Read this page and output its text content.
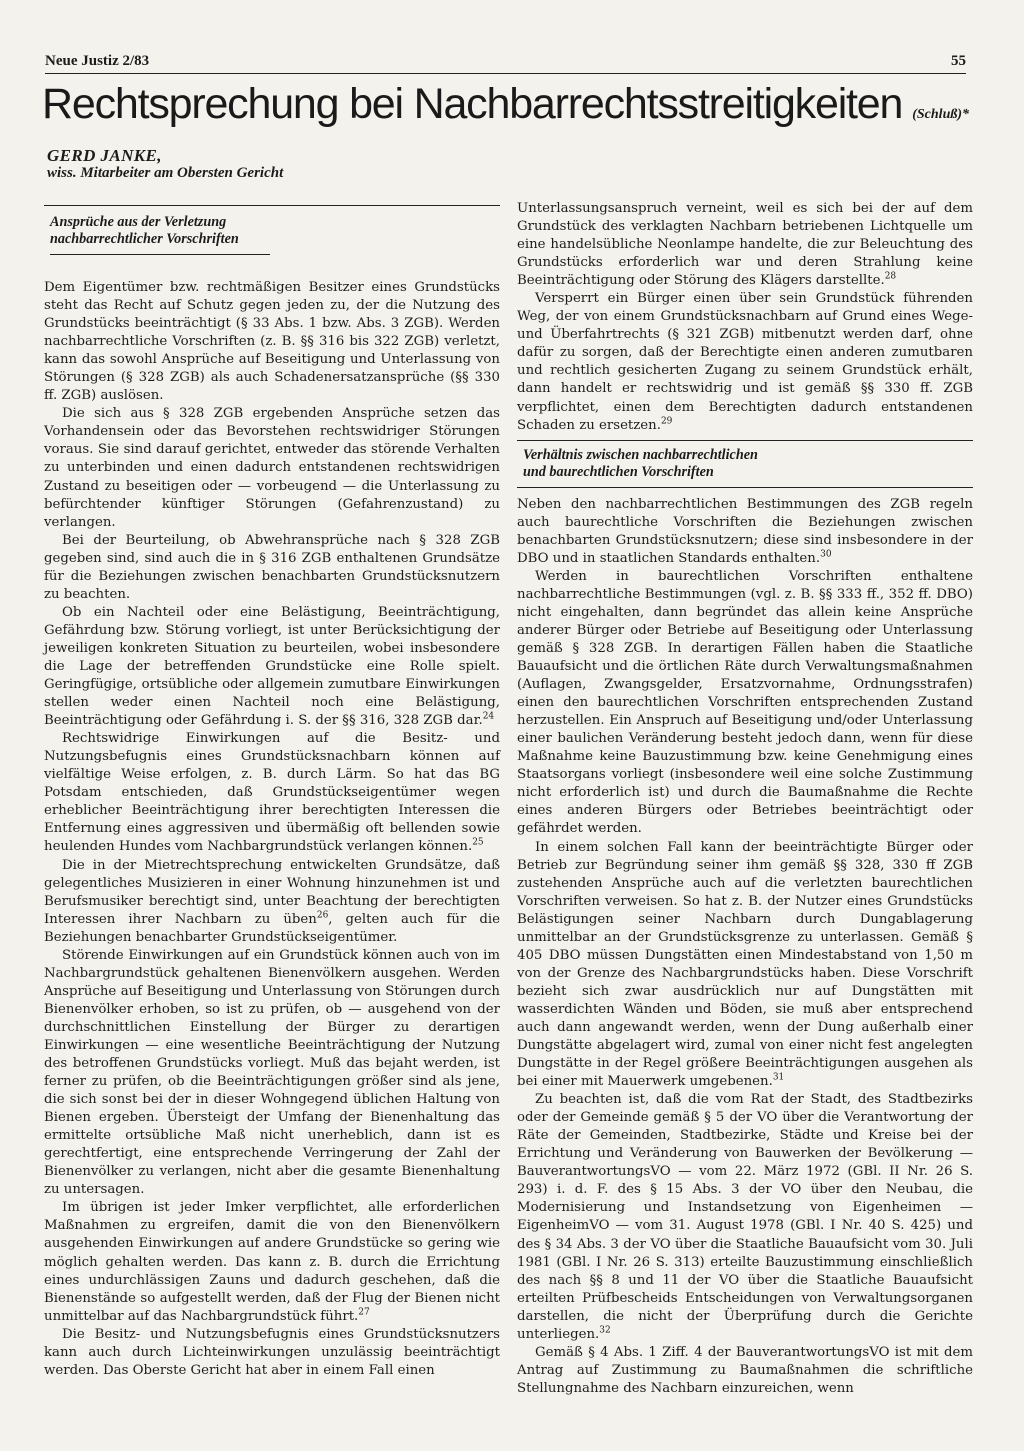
Neue Justiz 2/83	55
Rechtsprechung bei Nachbarrechtsstreitigkeiten (Schluß)*
GERD JANKE,
wiss. Mitarbeiter am Obersten Gericht
Ansprüche aus der Verletzung
nachbarrechtlicher Vorschriften

Dem Eigentümer bzw. rechtmäßigen Besitzer eines Grundstücks steht das Recht auf Schutz gegen jeden zu, der die Nutzung des Grundstücks beeinträchtigt (§ 33 Abs. 1 bzw. Abs. 3 ZGB). Werden nachbarrechtliche Vorschriften (z. B. §§ 316 bis 322 ZGB) verletzt, kann das sowohl Ansprüche auf Beseitigung und Unterlassung von Störungen (§ 328 ZGB) als auch Schadenersatzansprüche (§§ 330 ff. ZGB) auslösen.

Die sich aus § 328 ZGB ergebenden Ansprüche setzen das Vorhandensein oder das Bevorstehen rechtswidriger Störungen voraus. Sie sind darauf gerichtet, entweder das störende Verhalten zu unterbinden und einen dadurch entstandenen rechtswidrigen Zustand zu beseitigen oder — vorbeugend — die Unterlassung zu befürchtender künftiger Störungen (Gefahrenzustand) zu verlangen.

Bei der Beurteilung, ob Abwehransprüche nach § 328 ZGB gegeben sind, sind auch die in § 316 ZGB enthaltenen Grundsätze für die Beziehungen zwischen benachbarten Grundstücksnutzern zu beachten.

Ob ein Nachteil oder eine Belästigung, Beeinträchtigung, Gefährdung bzw. Störung vorliegt, ist unter Berücksichtigung der jeweiligen konkreten Situation zu beurteilen, wobei insbesondere die Lage der betreffenden Grundstücke eine Rolle spielt. Geringfügige, ortsübliche oder allgemein zumutbare Einwirkungen stellen weder einen Nachteil noch eine Belästigung, Beeinträchtigung oder Gefährdung i. S. der §§ 316, 328 ZGB dar.$^{24}$

Rechtswidrige Einwirkungen auf die Besitz- und Nutzungsbefugnis eines Grundstücksnachbarn können auf vielfältige Weise erfolgen, z. B. durch Lärm. So hat das BG Potsdam entschieden, daß Grundstückseigentümer wegen erheblicher Beeinträchtigung ihrer berechtigten Interessen die Entfernung eines aggressiven und übermäßig oft bellenden sowie heulenden Hundes vom Nachbargrundstück verlangen können.$^{25}$

Die in der Mietrechtsprechung entwickelten Grundsätze, daß gelegentliches Musizieren in einer Wohnung hinzunehmen ist und Berufsmusiker berechtigt sind, unter Beachtung der berechtigten Interessen ihrer Nachbarn zu üben$^{26}$, gelten auch für die Beziehungen benachbarter Grundstückseigentümer.

Störende Einwirkungen auf ein Grundstück können auch von im Nachbargrundstück gehaltenen Bienenvölkern ausgehen. Werden Ansprüche auf Beseitigung und Unterlassung von Störungen durch Bienenvölker erhoben, so ist zu prüfen, ob — ausgehend von der durchschnittlichen Einstellung der Bürger zu derartigen Einwirkungen — eine wesentliche Beeinträchtigung der Nutzung des betroffenen Grundstücks vorliegt. Muß das bejaht werden, ist ferner zu prüfen, ob die Beeinträchtigungen größer sind als jene, die sich sonst bei der in dieser Wohngegend üblichen Haltung von Bienen ergeben. Übersteigt der Umfang der Bienenhaltung das ermittelte ortsübliche Maß nicht unerheblich, dann ist es gerechtfertigt, eine entsprechende Verringerung der Zahl der Bienenvölker zu verlangen, nicht aber die gesamte Bienenhaltung zu untersagen.

Im übrigen ist jeder Imker verpflichtet, alle erforderlichen Maßnahmen zu ergreifen, damit die von den Bienenvölkern ausgehenden Einwirkungen auf andere Grundstücke so gering wie möglich gehalten werden. Das kann z. B. durch die Errichtung eines undurchlässigen Zauns und dadurch geschehen, daß die Bienenstände so aufgestellt werden, daß der Flug der Bienen nicht unmittelbar auf das Nachbargrundstück führt.$^{27}$

Die Besitz- und Nutzungsbefugnis eines Grundstücksnutzers kann auch durch Lichteinwirkungen unzulässig beeinträchtigt werden. Das Oberste Gericht hat aber in einem Fall einen

Unterlassungsanspruch verneint, weil es sich bei der auf dem Grundstück des verklagten Nachbarn betriebenen Lichtquelle um eine handelsübliche Neonlampe handelte, die zur Beleuchtung des Grundstücks erforderlich war und deren Strahlung keine Beeinträchtigung oder Störung des Klägers darstellte.$^{28}$

Versperrt ein Bürger einen über sein Grundstück führenden Weg, der von einem Grundstücksnachbarn auf Grund eines Wege- und Überfahrtrechts (§ 321 ZGB) mitbenutzt werden darf, ohne dafür zu sorgen, daß der Berechtigte einen anderen zumutbaren und rechtlich gesicherten Zugang zu seinem Grundstück erhält, dann handelt er rechtswidrig und ist gemäß §§ 330 ff. ZGB verpflichtet, einen dem Berechtigten dadurch entstandenen Schaden zu ersetzen.$^{29}$

Verhältnis zwischen nachbarrechtlichen
und baurechtlichen Vorschriften

Neben den nachbarrechtlichen Bestimmungen des ZGB regeln auch baurechtliche Vorschriften die Beziehungen zwischen benachbarten Grundstücksnutzern; diese sind insbesondere in der DBO und in staatlichen Standards enthalten.$^{30}$

Werden in baurechtlichen Vorschriften enthaltene nachbarrechtliche Bestimmungen (vgl. z. B. §§ 333 ff., 352 ff. DBO) nicht eingehalten, dann begründet das allein keine Ansprüche anderer Bürger oder Betriebe auf Beseitigung oder Unterlassung gemäß § 328 ZGB. In derartigen Fällen haben die Staatliche Bauaufsicht und die örtlichen Räte durch Verwaltungsmaßnahmen (Auflagen, Zwangsgelder, Ersatzvornahme, Ordnungsstrafen) einen den baurechtlichen Vorschriften entsprechenden Zustand herzustellen. Ein Anspruch auf Beseitigung und/oder Unterlassung einer baulichen Veränderung besteht jedoch dann, wenn für diese Maßnahme keine Bauzustimmung bzw. keine Genehmigung eines Staatsorgans vorliegt (insbesondere weil eine solche Zustimmung nicht erforderlich ist) und durch die Baumaßnahme die Rechte eines anderen Bürgers oder Betriebes beeinträchtigt oder gefährdet werden.

In einem solchen Fall kann der beeinträchtigte Bürger oder Betrieb zur Begründung seiner ihm gemäß §§ 328, 330 ff ZGB zustehenden Ansprüche auch auf die verletzten baurechtlichen Vorschriften verweisen. So hat z. B. der Nutzer eines Grundstücks Belästigungen seiner Nachbarn durch Dungablagerung unmittelbar an der Grundstücksgrenze zu unterlassen. Gemäß § 405 DBO müssen Dungstätten einen Mindestabstand von 1,50 m von der Grenze des Nachbargrundstücks haben. Diese Vorschrift bezieht sich zwar ausdrücklich nur auf Dungstätten mit wasserdichten Wänden und Böden, sie muß aber entsprechend auch dann angewandt werden, wenn der Dung außerhalb einer Dungstätte abgelagert wird, zumal von einer nicht fest angelegten Dungstätte in der Regel größere Beeinträchtigungen ausgehen als bei einer mit Mauerwerk umgebenen.$^{31}$

Zu beachten ist, daß die vom Rat der Stadt, des Stadtbezirks oder der Gemeinde gemäß § 5 der VO über die Verantwortung der Räte der Gemeinden, Stadtbezirke, Städte und Kreise bei der Errichtung und Veränderung von Bauwerken der Bevölkerung — BauverantwortungsVO — vom 22. März 1972 (GBl. II Nr. 26 S. 293) i. d. F. des § 15 Abs. 3 der VO über den Neubau, die Modernisierung und Instandsetzung von Eigenheimen — EigenheimVO — vom 31. August 1978 (GBl. I Nr. 40 S. 425) und des § 34 Abs. 3 der VO über die Staatliche Bauaufsicht vom 30. Juli 1981 (GBl. I Nr. 26 S. 313) erteilte Bauzustimmung einschließlich des nach §§ 8 und 11 der VO über die Staatliche Bauaufsicht erteilten Prüfbescheids Entscheidungen von Verwaltungsorganen darstellen, die nicht der Überprüfung durch die Gerichte unterliegen.$^{32}$

Gemäß § 4 Abs. 1 Ziff. 4 der BauverantwortungsVO ist mit dem Antrag auf Zustimmung zu Baumaßnahmen die schriftliche Stellungnahme des Nachbarn einzureichen, wenn
